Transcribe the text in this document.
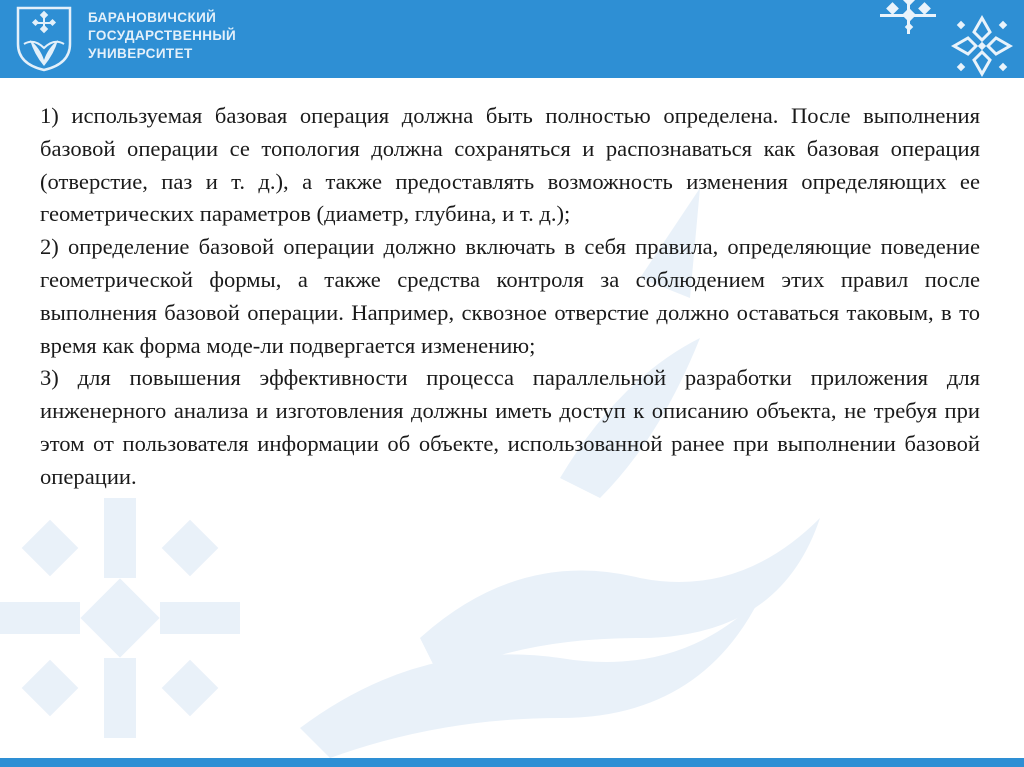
БАРАНОВИЧСКИЙ
ГОСУДАРСТВЕННЫЙ
УНИВЕРСИТЕТ

1) используемая базовая операция должна быть полностью определена. После выполнения базовой операции се топология должна сохраняться и распознаваться как базовая операция (отверстие, паз и т. д.), а также предоставлять возможность изменения определяющих ее геометрических параметров (диаметр, глубина, и т. д.);

2) определение базовой операции должно включать в себя правила, определяющие поведение геометрической формы, а также средства контроля за соблюдением этих правил после выполнения базовой операции. Например, сквозное отверстие должно оставаться таковым, в то время как форма моде-ли подвергается изменению;

3) для повышения эффективности процесса параллельной разработки приложения для инженерного анализа и изготовления должны иметь доступ к описанию объекта, не требуя при этом от пользователя информации об объекте, использованной ранее при выполнении базовой операции.
